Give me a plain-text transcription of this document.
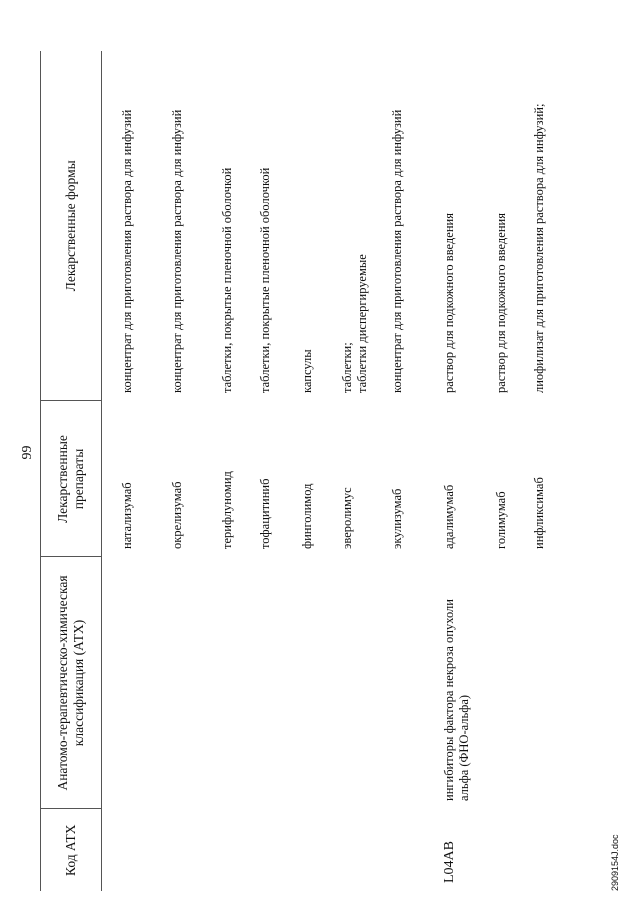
99
Код АТХ	Анатомо-терапевтическо-химическая классификация (АТХ)	Лекарственные препараты	Лекарственные формы
		натализумаб	концентрат для приготовления раствора для инфузий
		окрелизумаб	концентрат для приготовления раствора для инфузий
		терифлуномид	таблетки, покрытые пленочной оболочкой
		тофацитиниб	таблетки, покрытые пленочной оболочкой
		финголимод	капсулы
		эверолимус	таблетки;
таблетки диспергируемые
		экулизумаб	концентрат для приготовления раствора для инфузий
L04AB	ингибиторы фактора некроза опухоли альфа (ФНО-альфа)	адалимумаб	раствор для подкожного введения
		голимумаб	раствор для подкожного введения
		инфликсимаб	лиофилизат для приготовления раствора для инфузий;
2909154J.doc
